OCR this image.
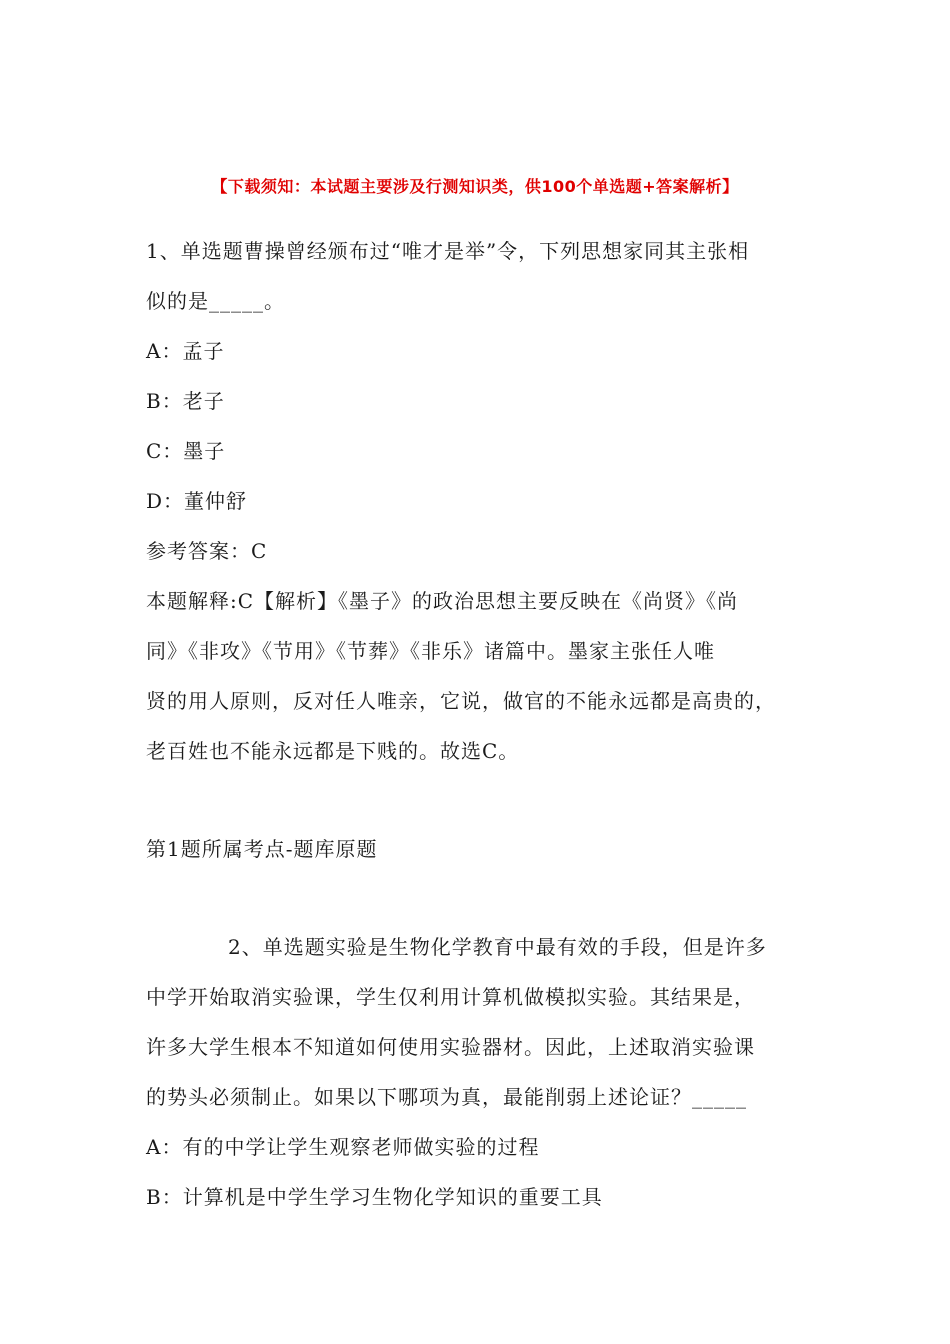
【下载须知：本试题主要涉及行测知识类，供100个单选题+答案解析】
1、单选题曹操曾经颁布过“唯才是举”令，下列思想家同其主张相
似的是_____。
A：孟子
B：老子
C：墨子
D：董仲舒
参考答案：C
本题解释:C【解析】《墨子》的政治思想主要反映在《尚贤》《尚
同》《非攻》《节用》《节葬》《非乐》诸篇中。墨家主张任人唯
贤的用人原则，反对任人唯亲，它说，做官的不能永远都是高贵的，
老百姓也不能永远都是下贱的。故选C。
第1题所属考点-题库原题
2、单选题实验是生物化学教育中最有效的手段，但是许多
中学开始取消实验课，学生仅利用计算机做模拟实验。其结果是，
许多大学生根本不知道如何使用实验器材。因此，上述取消实验课
的势头必须制止。如果以下哪项为真，最能削弱上述论证？_____
A：有的中学让学生观察老师做实验的过程
B：计算机是中学生学习生物化学知识的重要工具
